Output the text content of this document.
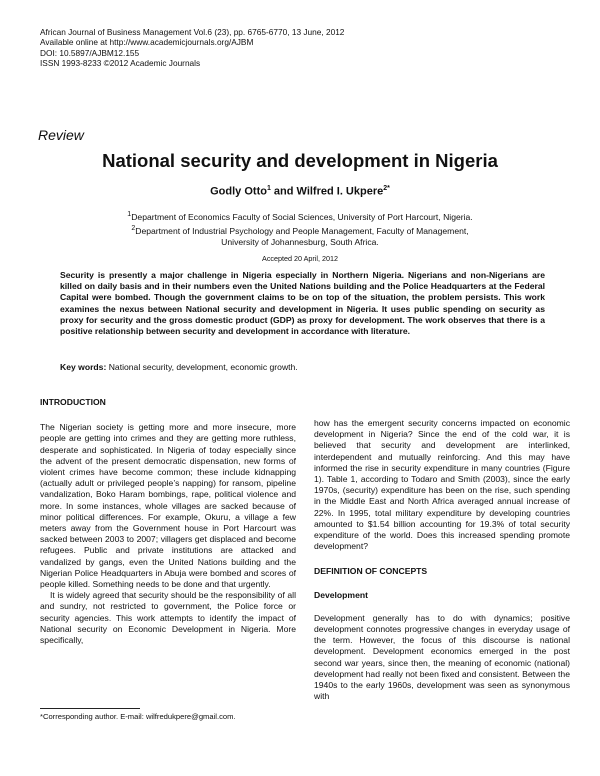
African Journal of Business Management Vol.6 (23), pp. 6765-6770, 13 June, 2012
Available online at http://www.academicjournals.org/AJBM
DOI: 10.5897/AJBM12.155
ISSN 1993-8233 ©2012 Academic Journals
Review
National security and development in Nigeria
Godly Otto$^1$ and Wilfred I. Ukpere$^{2*}$
$^1$Department of Economics Faculty of Social Sciences, University of Port Harcourt, Nigeria.
$^2$Department of Industrial Psychology and People Management, Faculty of Management,
University of Johannesburg, South Africa.
Accepted 20 April, 2012
Security is presently a major challenge in Nigeria especially in Northern Nigeria. Nigerians and non-Nigerians are killed on daily basis and in their numbers even the United Nations building and the Police Headquarters at the Federal Capital were bombed. Though the government claims to be on top of the situation, the problem persists. This work examines the nexus between National security and development in Nigeria. It uses public spending on security as proxy for security and the gross domestic product (GDP) as proxy for development. The work observes that there is a positive relationship between security and development in accordance with literature.
Key words: National security, development, economic growth.
INTRODUCTION

The Nigerian society is getting more and more insecure, more people are getting into crimes and they are getting more ruthless, desperate and sophisticated. In Nigeria of today especially since the advent of the present democratic dispensation, new forms of violent crimes have become common; these include kidnapping (actually adult or privileged people’s napping) for ransom, pipeline vandalization, Boko Haram bombings, rape, political violence and more. In some instances, whole villages are sacked because of minor political differences. For example, Okuru, a village a few meters away from the Government house in Port Harcourt was sacked between 2003 to 2007; villagers get displaced and become refugees. Public and private institutions are attacked and vandalized by gangs, even the United Nations building and the Nigerian Police Headquarters in Abuja were bombed and scores of people killed. Something needs to be done and that urgently.

It is widely agreed that security should be the responsibility of all and sundry, not restricted to government, the Police force or security agencies. This work attempts to identify the impact of National security on Economic Development in Nigeria. More specifically,

how has the emergent security concerns impacted on economic development in Nigeria? Since the end of the cold war, it is believed that security and development are interlinked, interdependent and mutually reinforcing. And this may have informed the rise in security expenditure in many countries (Figure 1). Table 1, according to Todaro and Smith (2003), since the early 1970s, (security) expenditure has been on the rise, such spending in the Middle East and North Africa averaged annual increase of 22%. In 1995, total military expenditure by developing countries amounted to $1.54 billion accounting for 19.3% of total security expenditure of the world. Does this increased spending promote development?

DEFINITION OF CONCEPTS
Development

Development generally has to do with dynamics; positive development connotes progressive changes in everyday usage of the term. However, the focus of this discourse is national development. Development economics emerged in the post second war years, since then, the meaning of economic (national) development had really not been fixed and consistent. Between the 1940s to the early 1960s, development was seen as synonymous with

*Corresponding author. E-mail: wilfredukpere@gmail.com.
